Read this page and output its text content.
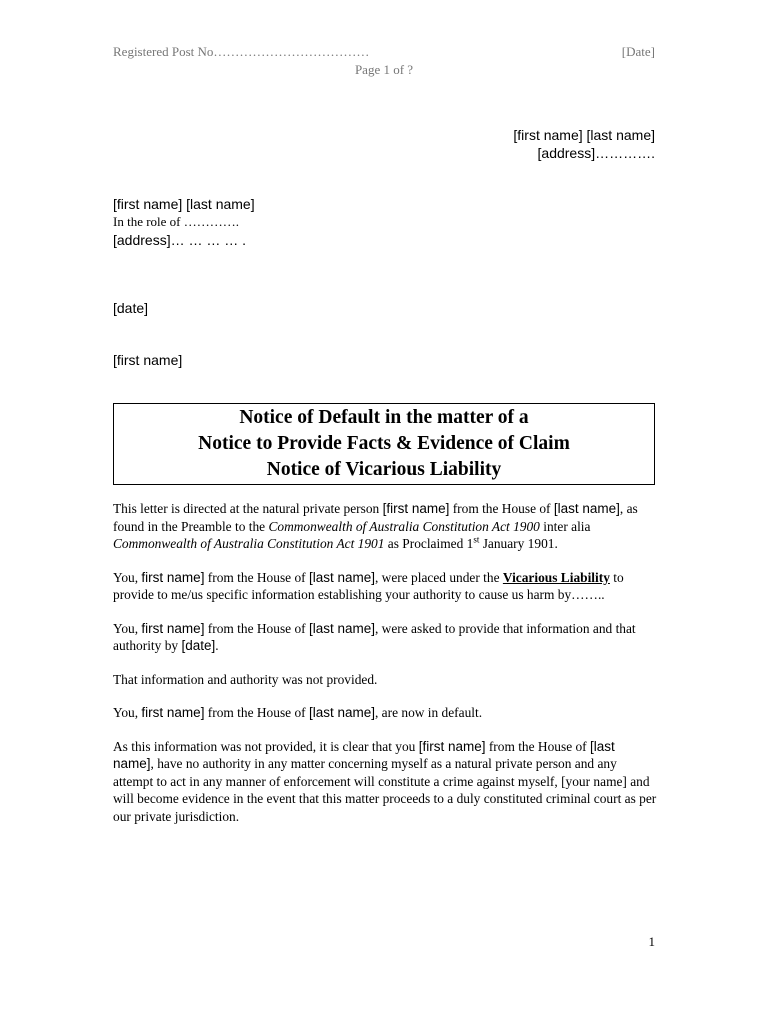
Registered Post No………………………………	[Date]
Page 1 of ?
[first name] [last name]
[address]………….
[first name] [last name]
In the role of ………….
[address]… … … … .
[date]
[first name]
Notice of Default in the matter of a
Notice to Provide Facts & Evidence of Claim
Notice of Vicarious Liability

This letter is directed at the natural private person [first name] from the House of [last name], as found in the Preamble to the Commonwealth of Australia Constitution Act 1900 inter alia Commonwealth of Australia Constitution Act 1901 as Proclaimed 1st January 1901.

You, first name] from the House of [last name], were placed under the Vicarious Liability to provide to me/us specific information establishing your authority to cause us harm by……..

You, first name] from the House of [last name], were asked to provide that information and that authority by [date].

That information and authority was not provided.

You, first name] from the House of [last name], are now in default.

As this information was not provided, it is clear that you [first name] from the House of [last name], have no authority in any matter concerning myself as a natural private person and any attempt to act in any manner of enforcement will constitute a crime against myself, [your name] and will become evidence in the event that this matter proceeds to a duly constituted criminal court as per our private jurisdiction.

1
